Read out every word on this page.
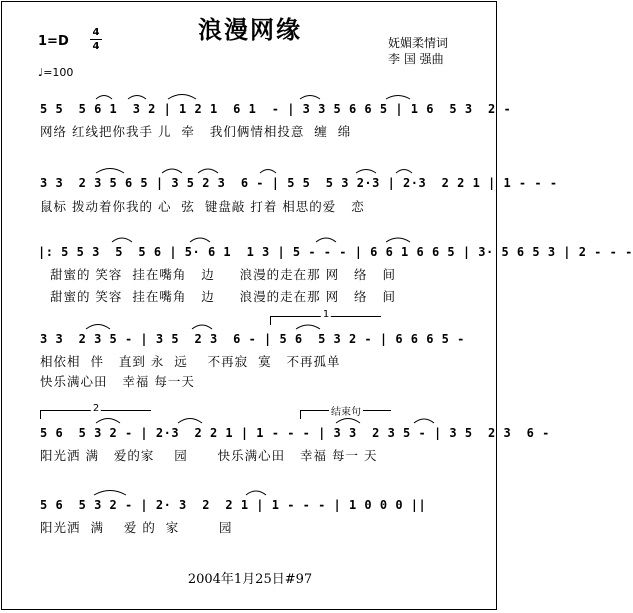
浪漫网缘
1=D
4
4
♩=100
妩媚柔情词
李 国 强曲
5 5  5 6 1  3 2 | 1 2 1  6 1  - | 3 3 5 6 6 5 | 1 6  5 3  2 -
网络 红线把你我手 儿  牵   我们俩情相投意  缠  绵
3 3  2 3 5 6 5 | 3 5 2 3  6 - | 5 5  5 3 2·3 | 2·3  2 2 1 | 1 - - -
鼠标 拨动着你我的 心  弦  键盘敲 打着 相思的爱   恋
|: 5 5 3  5  5 6 | 5· 6 1  1 3 | 5 - - - | 6 6 1 6 6 5 | 3· 5 6 5 3 | 2 - - -
甜蜜的 笑容  挂在嘴角   边     浪漫的走在那 网   络   间
甜蜜的 笑容  挂在嘴角   边     浪漫的走在那 网   络   间
1
3 3  2 3 5 - | 3 5  2 3  6 - | 5 6  5 3 2 - | 6 6 6 5 -
相依相  伴   直到 永  远    不再寂  寞   不再孤单
快乐满心田   幸福 每一天
2	结束句
5 6  5 3 2 - | 2·3  2 2 1 | 1 - - - | 3 3  2 3 5 - | 3 5  2 3  6 -
阳光洒 满   爱的家    园      快乐满心田   幸福 每一 天
5 6  5 3 2 - | 2· 3  2  2 1 | 1 - - - | 1 0 0 0 ||
阳光洒  满    爱 的  家        园
2004年1月25日#97
